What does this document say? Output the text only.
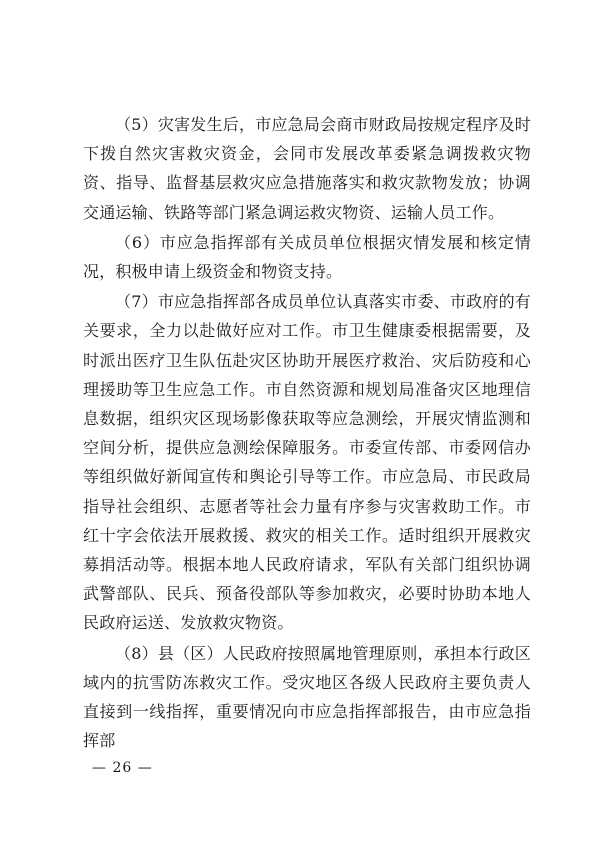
（5）灾害发生后，市应急局会商市财政局按规定程序及时下拨自然灾害救灾资金，会同市发展改革委紧急调拨救灾物资、指导、监督基层救灾应急措施落实和救灾款物发放；协调交通运输、铁路等部门紧急调运救灾物资、运输人员工作。

（6）市应急指挥部有关成员单位根据灾情发展和核定情况，积极申请上级资金和物资支持。

（7）市应急指挥部各成员单位认真落实市委、市政府的有关要求，全力以赴做好应对工作。市卫生健康委根据需要，及时派出医疗卫生队伍赴灾区协助开展医疗救治、灾后防疫和心理援助等卫生应急工作。市自然资源和规划局准备灾区地理信息数据，组织灾区现场影像获取等应急测绘，开展灾情监测和空间分析，提供应急测绘保障服务。市委宣传部、市委网信办等组织做好新闻宣传和舆论引导等工作。市应急局、市民政局指导社会组织、志愿者等社会力量有序参与灾害救助工作。市红十字会依法开展救援、救灾的相关工作。适时组织开展救灾募捐活动等。根据本地人民政府请求，军队有关部门组织协调武警部队、民兵、预备役部队等参加救灾，必要时协助本地人民政府运送、发放救灾物资。

（8）县（区）人民政府按照属地管理原则，承担本行政区域内的抗雪防冻救灾工作。受灾地区各级人民政府主要负责人直接到一线指挥，重要情况向市应急指挥部报告，由市应急指挥部

— 26 —
